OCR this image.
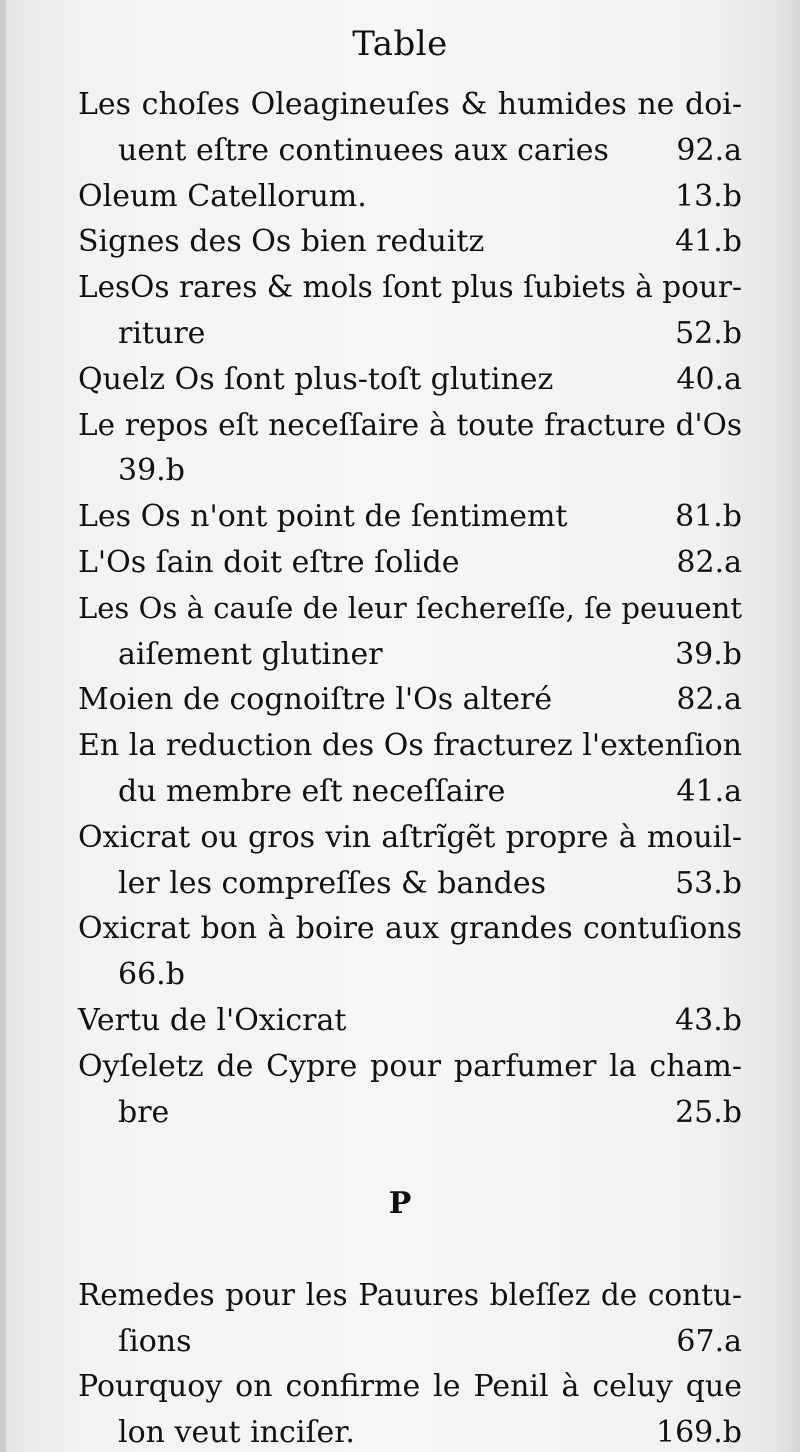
Table
Les choſes Oleagineuſes & humides ne doi-
uent eſtre continuees aux caries 92.a
Oleum Catellorum.	13.b
Signes des Os bien reduitz	41.b
LesOs rares & mols ſont plus ſubiets à pour-
riture	52.b
Quelz Os ſont plus-toſt glutinez	40.a
Le repos eſt neceſſaire à toute fracture d'Os
39.b
Les Os n'ont point de ſentimemt	81.b
L'Os ſain doit eſtre ſolide	82.a
Les Os à cauſe de leur ſechereſſe, ſe peuuent
aiſement glutiner	39.b
Moien de cognoiſtre l'Os alteré	82.a
En la reduction des Os fracturez l'extenſion
du membre eſt neceſſaire	41.a
Oxicrat ou gros vin aſtrĩgẽt propre à mouil-
ler les compreſſes & bandes	53.b
Oxicrat bon à boire aux grandes contuſions
66.b
Vertu de l'Oxicrat	43.b
Oyſeletz de Cypre pour parfumer la cham-
bre	25.b
P
Remedes pour les Pauures bleſſez de contu-
ſions	67.a
Pourquoy on confirme le Penil à celuy que
lon veut inciſer.	169.b
